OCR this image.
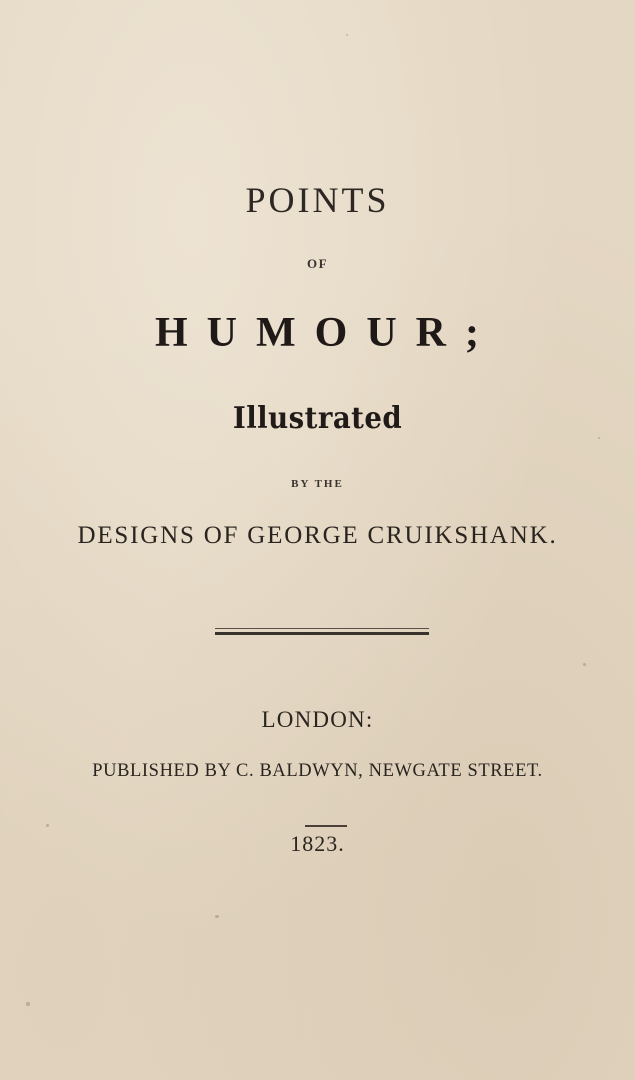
POINTS
OF
HUMOUR;
Illustrated
BY THE
DESIGNS OF GEORGE CRUIKSHANK.
LONDON:
PUBLISHED BY C. BALDWYN, NEWGATE STREET.
1823.
